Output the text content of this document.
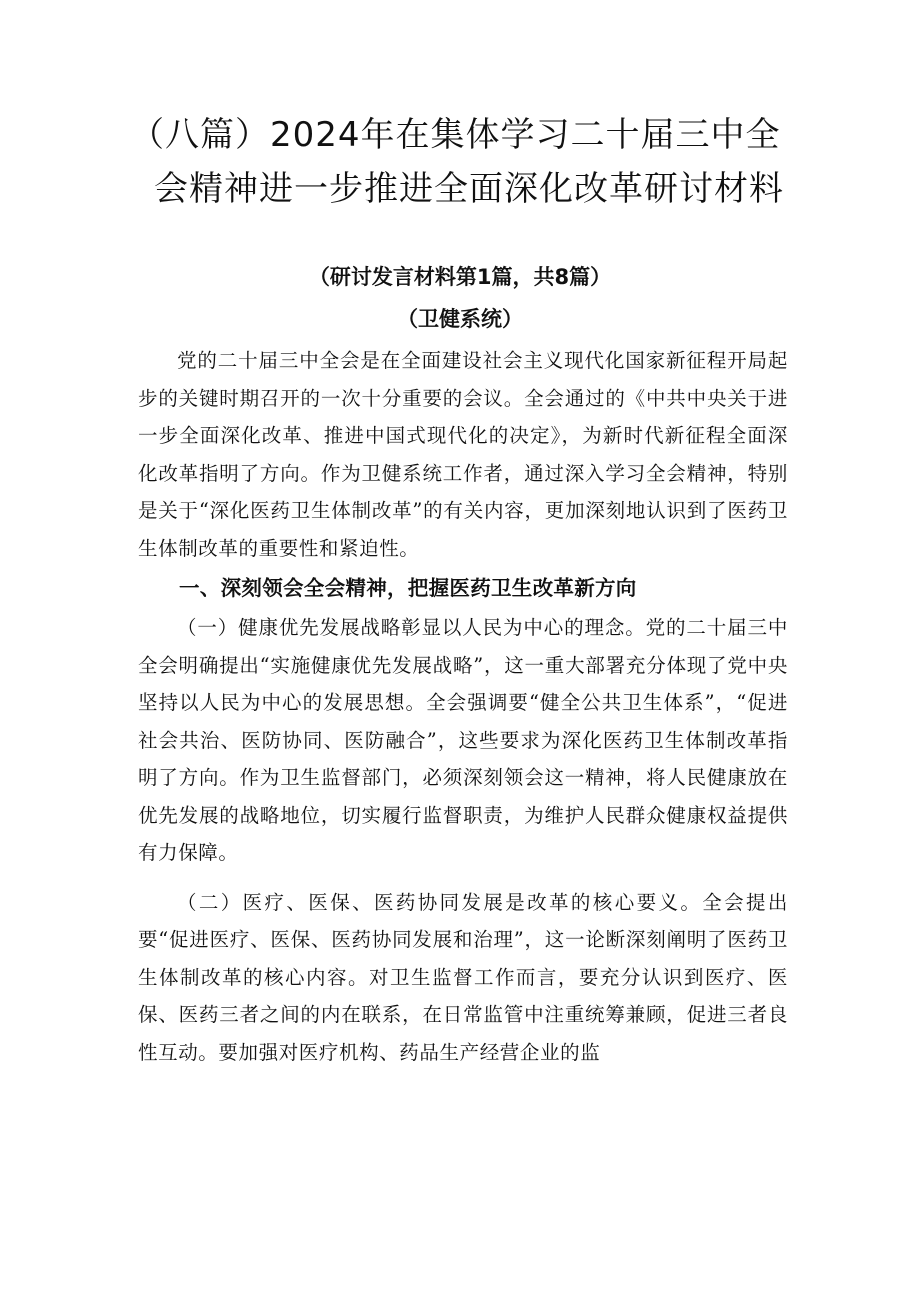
（八篇）2024年在集体学习二十届三中全
会精神进一步推进全面深化改革研讨材料

（研讨发言材料第1篇，共8篇）

（卫健系统）

党的二十届三中全会是在全面建设社会主义现代化国家新征程开局起步的关键时期召开的一次十分重要的会议。全会通过的《中共中央关于进一步全面深化改革、推进中国式现代化的决定》，为新时代新征程全面深化改革指明了方向。作为卫健系统工作者，通过深入学习全会精神，特别是关于“深化医药卫生体制改革”的有关内容，更加深刻地认识到了医药卫生体制改革的重要性和紧迫性。

一、深刻领会全会精神，把握医药卫生改革新方向

（一）健康优先发展战略彰显以人民为中心的理念。党的二十届三中全会明确提出“实施健康优先发展战略”，这一重大部署充分体现了党中央坚持以人民为中心的发展思想。全会强调要“健全公共卫生体系”，“促进社会共治、医防协同、医防融合”，这些要求为深化医药卫生体制改革指明了方向。作为卫生监督部门，必须深刻领会这一精神，将人民健康放在优先发展的战略地位，切实履行监督职责，为维护人民群众健康权益提供有力保障。

（二）医疗、医保、医药协同发展是改革的核心要义。全会提出要“促进医疗、医保、医药协同发展和治理”，这一论断深刻阐明了医药卫生体制改革的核心内容。对卫生监督工作而言，要充分认识到医疗、医保、医药三者之间的内在联系，在日常监管中注重统筹兼顾，促进三者良性互动。要加强对医疗机构、药品生产经营企业的监
